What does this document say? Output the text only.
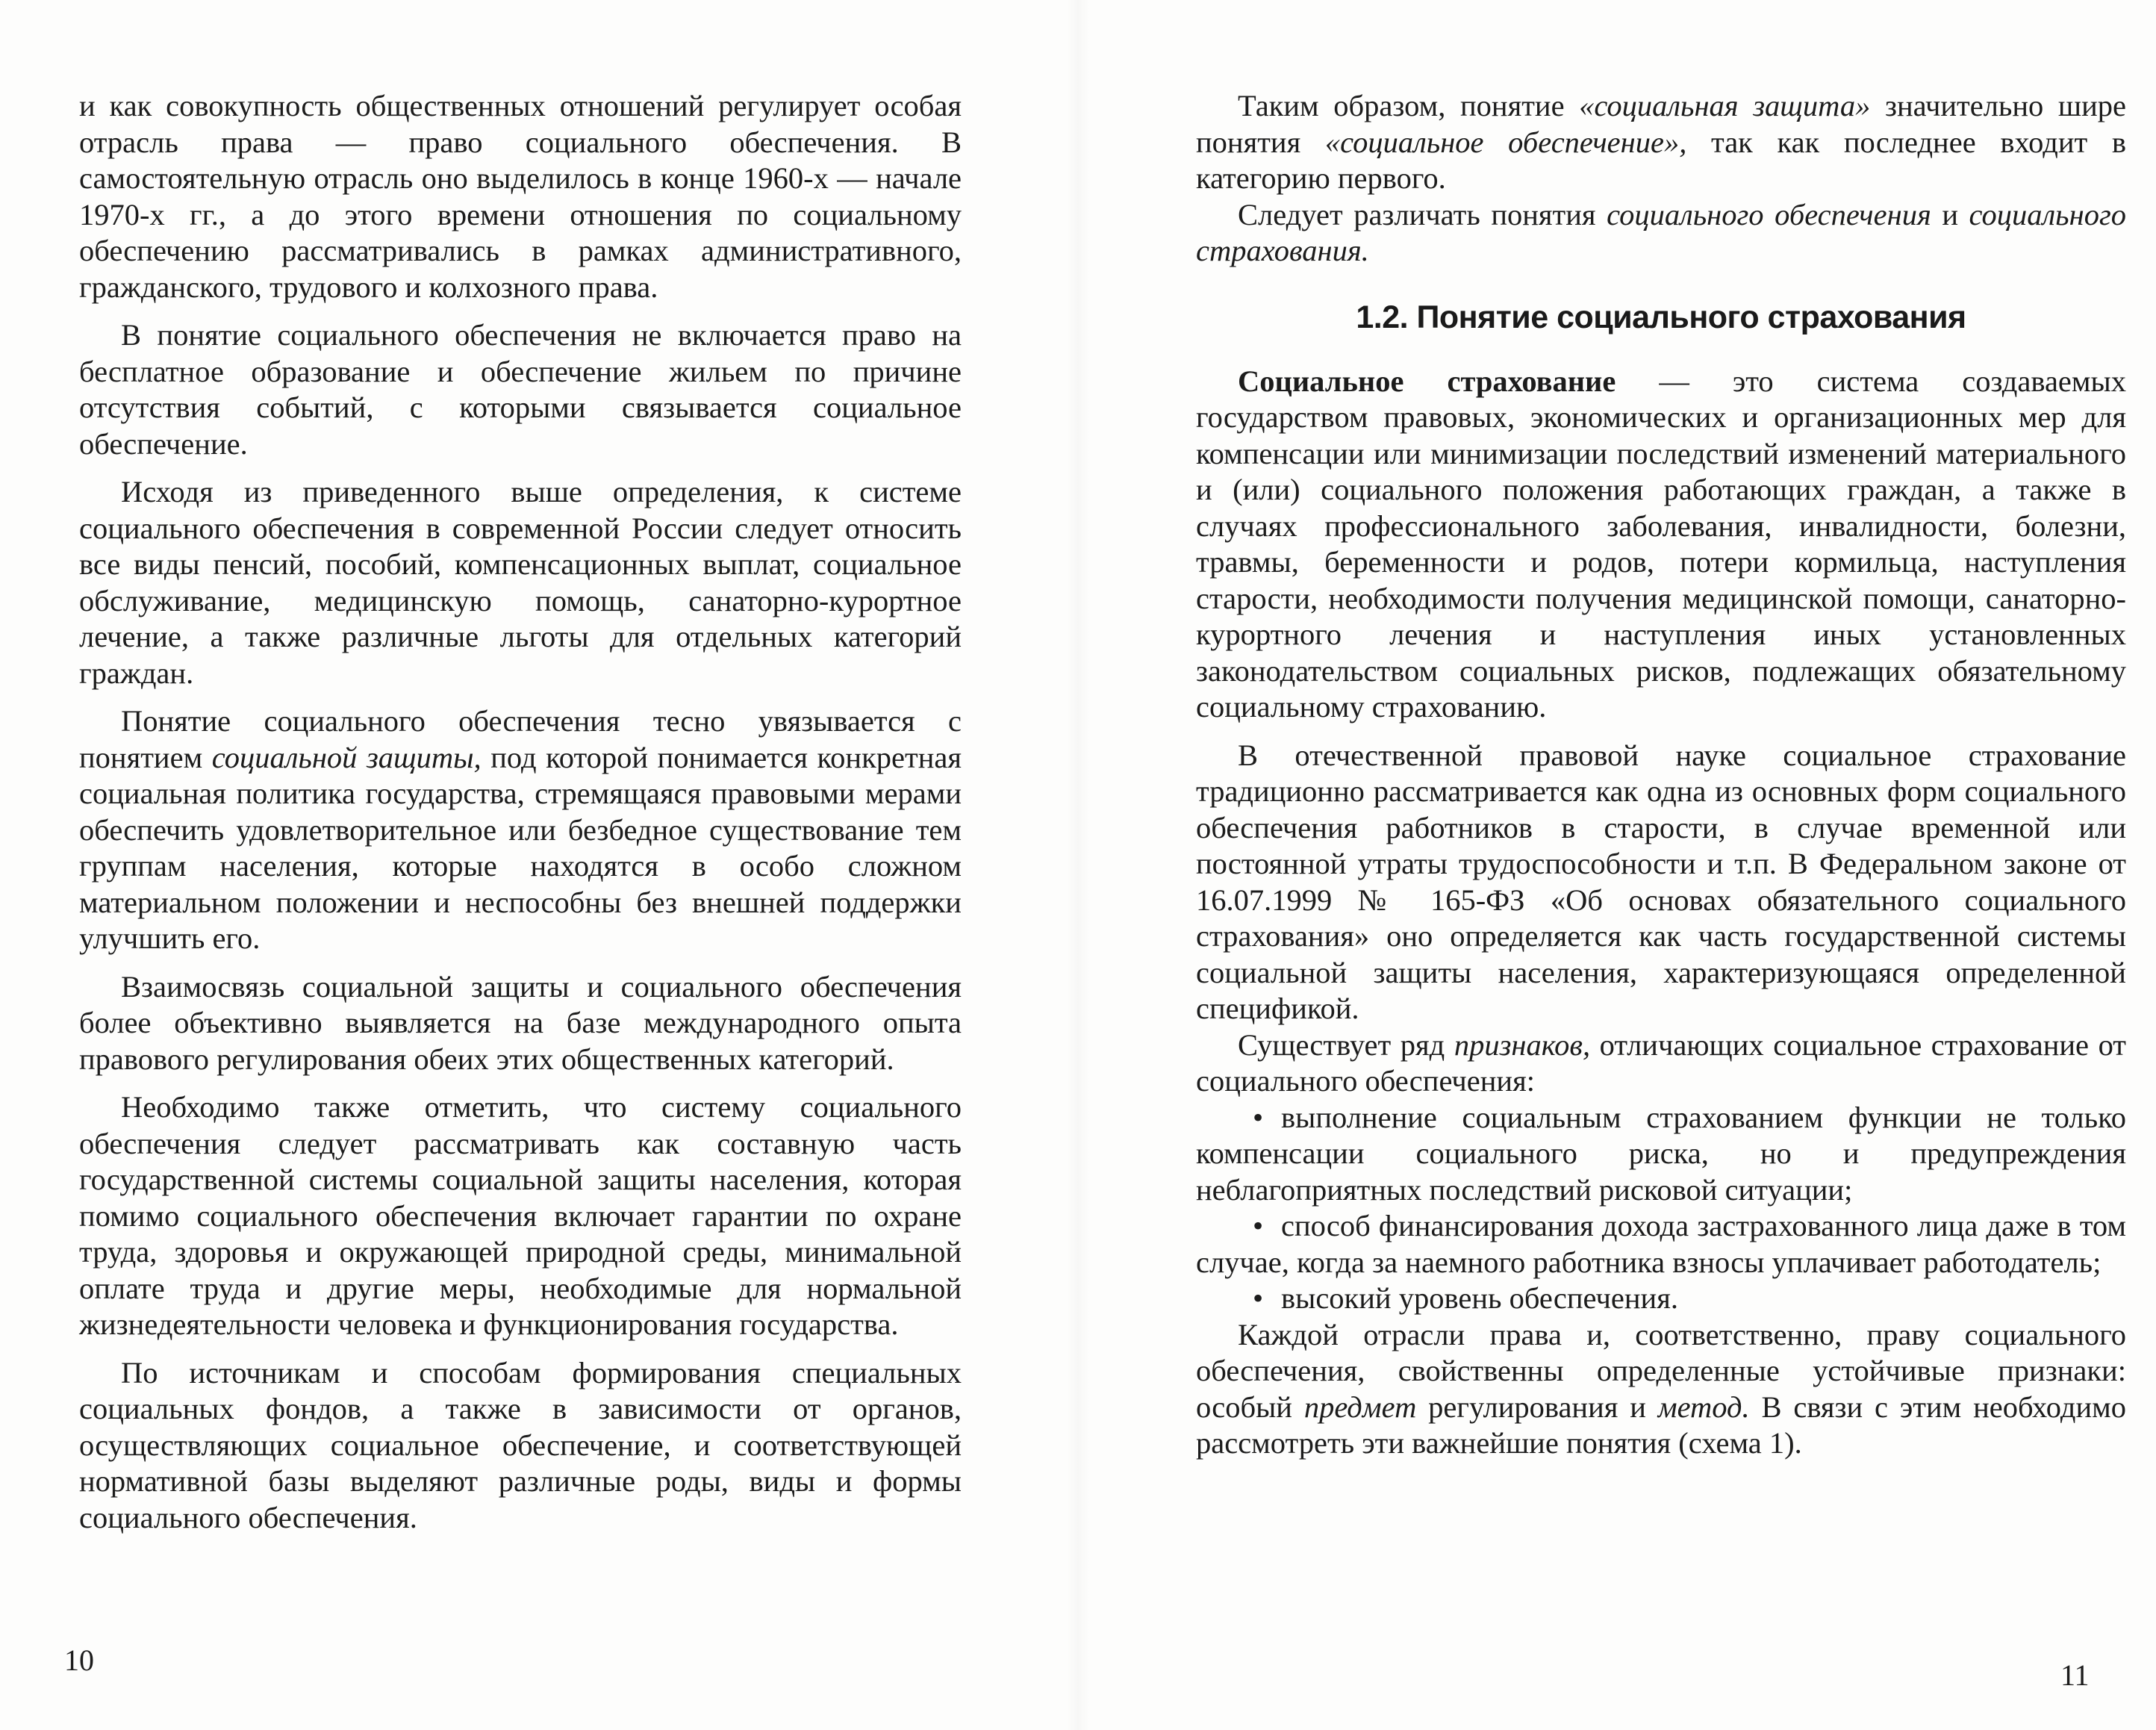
и как совокупность общественных отношений регулирует особая отрасль права — право социального обеспечения. В самостоятельную отрасль оно выделилось в конце 1960-х — начале 1970-х гг., а до этого времени отношения по социальному обеспечению рассматривались в рамках административного, гражданского, трудового и колхозного права.

В понятие социального обеспечения не включается право на бесплатное образование и обеспечение жильем по причине отсутствия событий, с которыми связывается социальное обеспечение.

Исходя из приведенного выше определения, к системе социального обеспечения в современной России следует относить все виды пенсий, пособий, компенсационных выплат, социальное обслуживание, медицинскую помощь, санаторно-курортное лечение, а также различные льготы для отдельных категорий граждан.

Понятие социального обеспечения тесно увязывается с понятием социальной защиты, под которой понимается конкретная социальная политика государства, стремящаяся правовыми мерами обеспечить удовлетворительное или безбедное существование тем группам населения, которые находятся в особо сложном материальном положении и неспособны без внешней поддержки улучшить его.

Взаимосвязь социальной защиты и социального обеспечения более объективно выявляется на базе международного опыта правового регулирования обеих этих общественных категорий.

Необходимо также отметить, что систему социального обеспечения следует рассматривать как составную часть государственной системы социальной защиты населения, которая помимо социального обеспечения включает гарантии по охране труда, здоровья и окружающей природной среды, минимальной оплате труда и другие меры, необходимые для нормальной жизнедеятельности человека и функционирования государства.

По источникам и способам формирования специальных социальных фондов, а также в зависимости от органов, осуществляющих социальное обеспечение, и соответствующей нормативной базы выделяют различные роды, виды и формы социального обеспечения.

10

Таким образом, понятие «социальная защита» значительно шире понятия «социальное обеспечение», так как последнее входит в категорию первого.

Следует различать понятия социального обеспечения и социального страхования.

1.2. Понятие социального страхования

Социальное страхование — это система создаваемых государством правовых, экономических и организационных мер для компенсации или минимизации последствий изменений материального и (или) социального положения работающих граждан, а также в случаях профессионального заболевания, инвалидности, болезни, травмы, беременности и родов, потери кормильца, наступления старости, необходимости получения медицинской помощи, санаторно-курортного лечения и наступления иных установленных законодательством социальных рисков, подлежащих обязательному социальному страхованию.

В отечественной правовой науке социальное страхование традиционно рассматривается как одна из основных форм социального обеспечения работников в старости, в случае временной или постоянной утраты трудоспособности и т.п. В Федеральном законе от 16.07.1999 № 165-ФЗ «Об основах обязательного социального страхования» оно определяется как часть государственной системы социальной защиты населения, характеризующаяся определенной спецификой.

Существует ряд признаков, отличающих социальное страхование от социального обеспечения:

• выполнение социальным страхованием функции не только компенсации социального риска, но и предупреждения неблагоприятных последствий рисковой ситуации;

• способ финансирования дохода застрахованного лица даже в том случае, когда за наемного работника взносы уплачивает работодатель;

• высокий уровень обеспечения.

Каждой отрасли права и, соответственно, праву социального обеспечения, свойственны определенные устойчивые признаки: особый предмет регулирования и метод. В связи с этим необходимо рассмотреть эти важнейшие понятия (схема 1).

11
